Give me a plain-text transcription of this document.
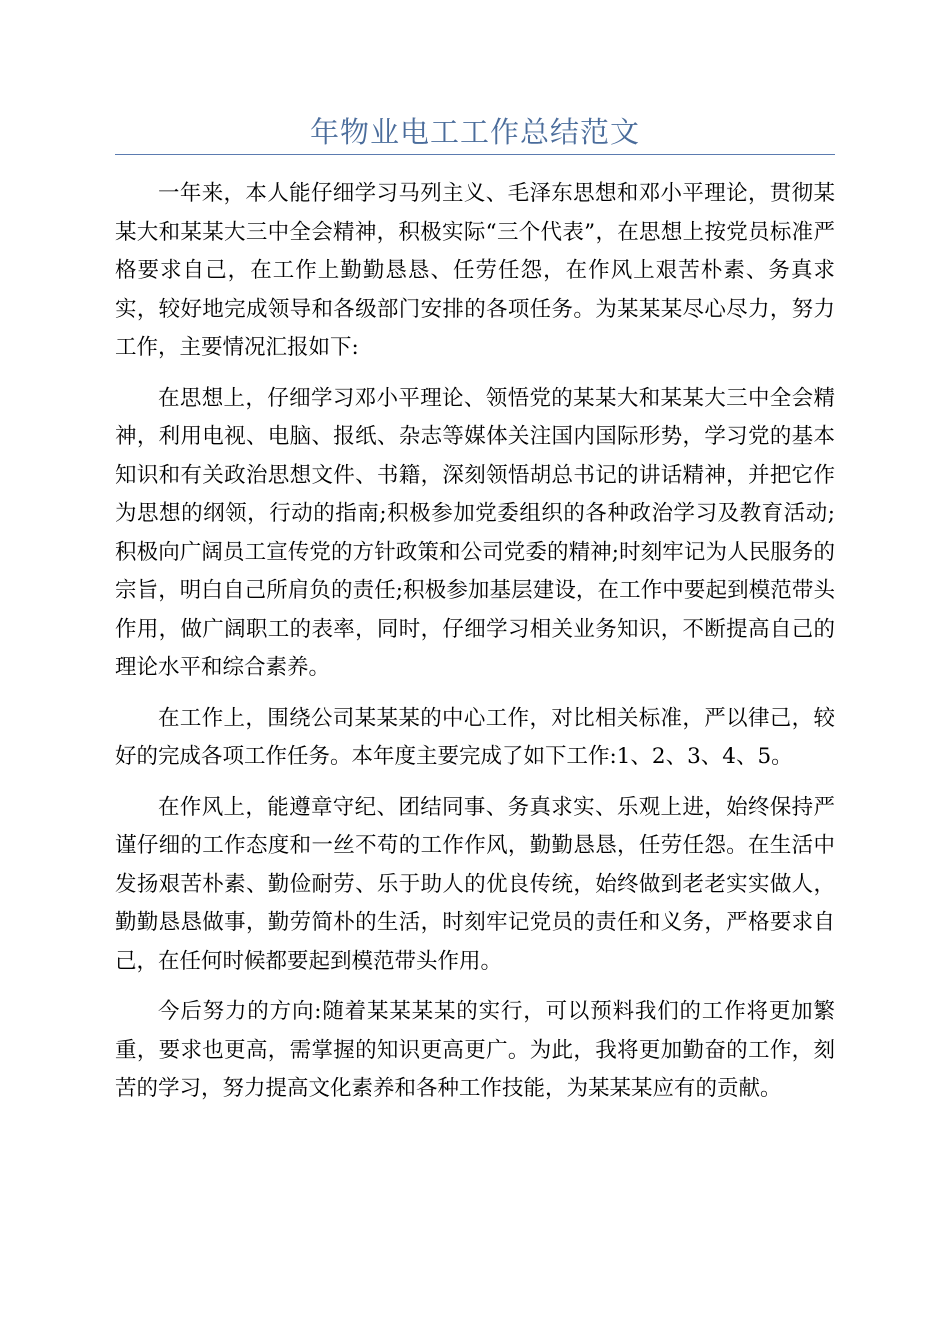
年物业电工工作总结范文

一年来，本人能仔细学习马列主义、毛泽东思想和邓小平理论，贯彻某某大和某某大三中全会精神，积极实际“三个代表”，在思想上按党员标准严格要求自己，在工作上勤勤恳恳、任劳任怨，在作风上艰苦朴素、务真求实，较好地完成领导和各级部门安排的各项任务。为某某某尽心尽力，努力工作，主要情况汇报如下:

在思想上，仔细学习邓小平理论、领悟党的某某大和某某大三中全会精神，利用电视、电脑、报纸、杂志等媒体关注国内国际形势，学习党的基本知识和有关政治思想文件、书籍，深刻领悟胡总书记的讲话精神，并把它作为思想的纲领，行动的指南;积极参加党委组织的各种政治学习及教育活动;积极向广阔员工宣传党的方针政策和公司党委的精神;时刻牢记为人民服务的宗旨，明白自己所肩负的责任;积极参加基层建设，在工作中要起到模范带头作用，做广阔职工的表率，同时，仔细学习相关业务知识，不断提高自己的理论水平和综合素养。

在工作上，围绕公司某某某的中心工作，对比相关标准，严以律己，较好的完成各项工作任务。本年度主要完成了如下工作:1、2、3、4、5。

在作风上，能遵章守纪、团结同事、务真求实、乐观上进，始终保持严谨仔细的工作态度和一丝不苟的工作作风，勤勤恳恳，任劳任怨。在生活中发扬艰苦朴素、勤俭耐劳、乐于助人的优良传统，始终做到老老实实做人，勤勤恳恳做事，勤劳简朴的生活，时刻牢记党员的责任和义务，严格要求自己，在任何时候都要起到模范带头作用。

今后努力的方向:随着某某某某的实行，可以预料我们的工作将更加繁重，要求也更高，需掌握的知识更高更广。为此，我将更加勤奋的工作，刻苦的学习，努力提高文化素养和各种工作技能，为某某某应有的贡献。
